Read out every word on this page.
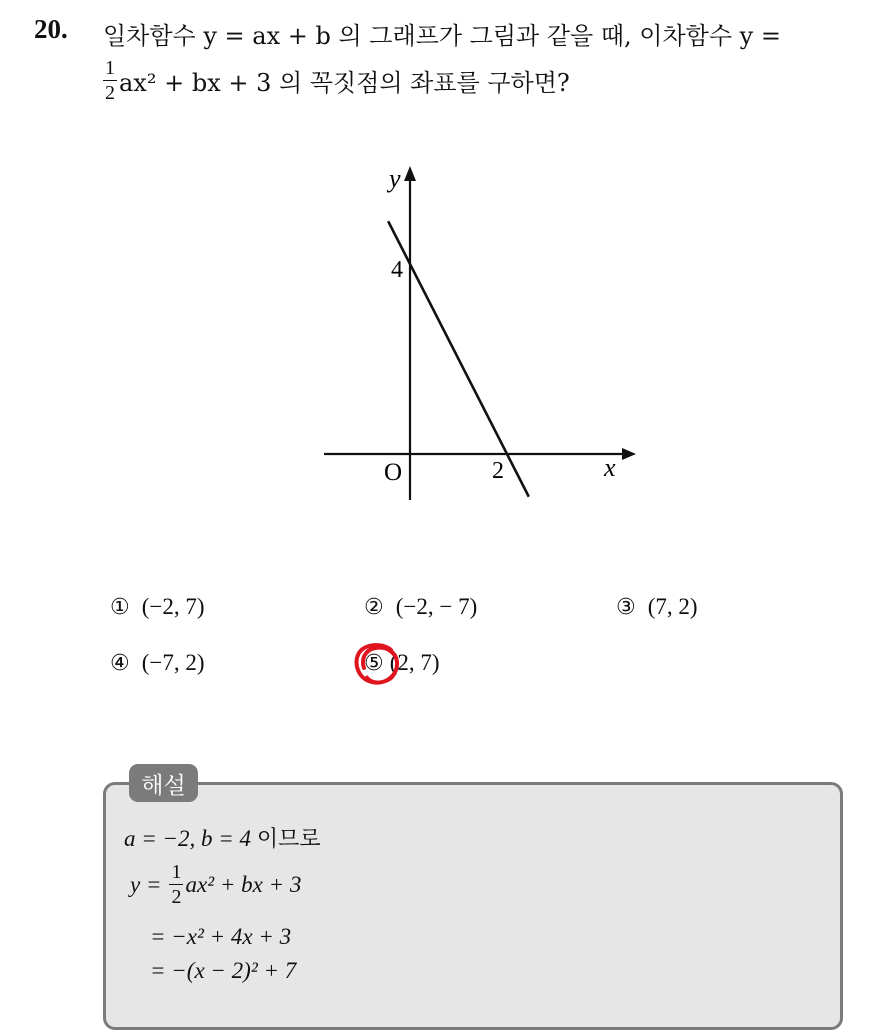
20. 일차함수 y = ax + b 의 그래프가 그림과 같을 때, 이차함수 y =
$\frac{1}{2} ax^2$ + bx + 3 의 꼭짓점의 좌표를 구하면?
y
x
O
4
2
① (−2, 7)	② (−2, − 7)	③ (7, 2)
④ (−7, 2)	⑤ (2, 7)
해설
a = −2, b = 4 이므로
$y = \frac{1}{2} ax^2$ + bx + 3
= −x² + 4x + 3
= −(x − 2)² + 7
